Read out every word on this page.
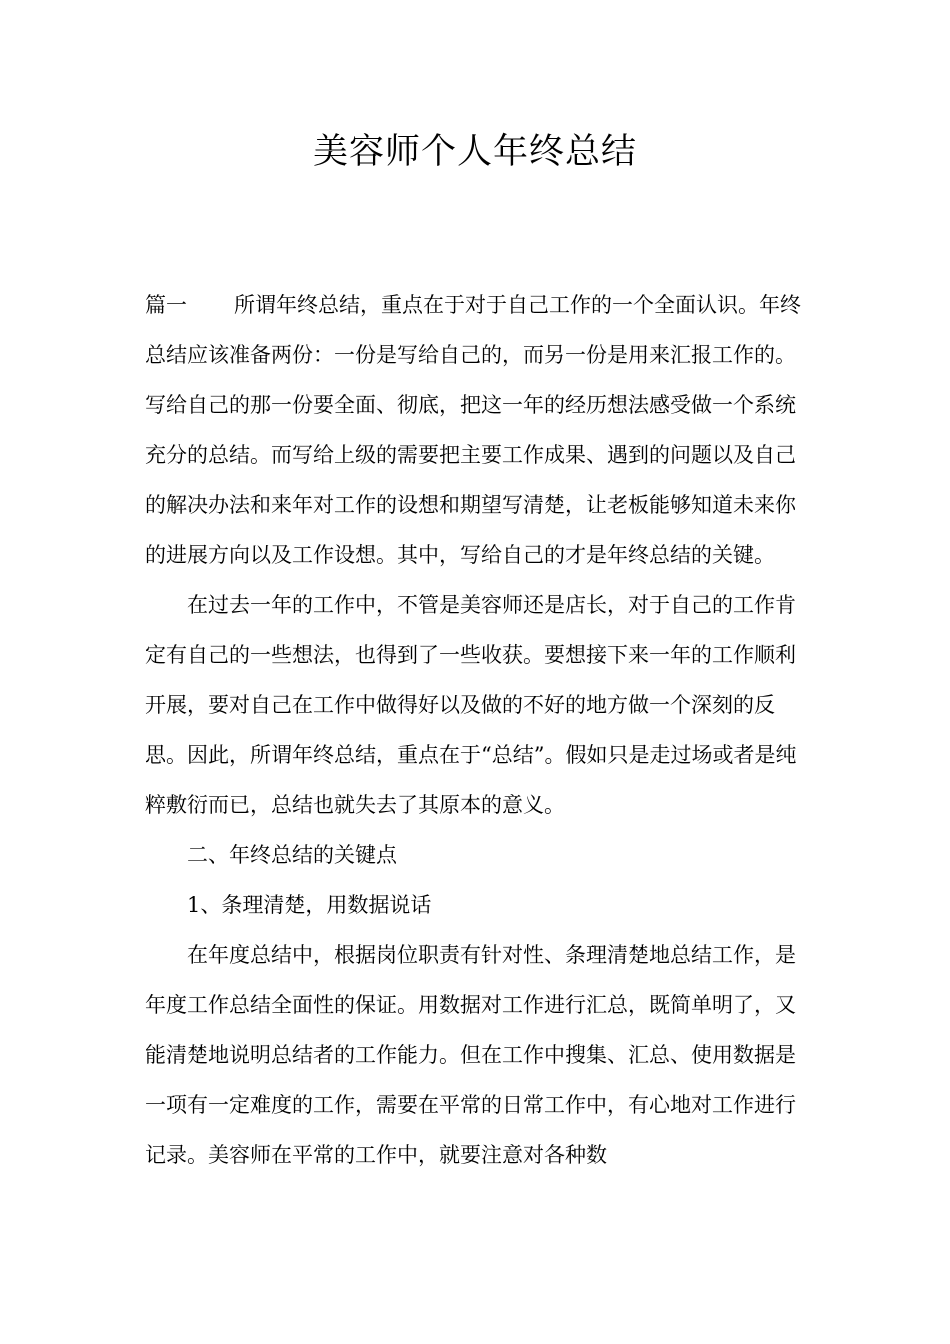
美容师个人年终总结

篇一 所谓年终总结，重点在于对于自己工作的一个全面认识。年终总结应该准备两份：一份是写给自己的，而另一份是用来汇报工作的。写给自己的那一份要全面、彻底，把这一年的经历想法感受做一个系统充分的总结。而写给上级的需要把主要工作成果、遇到的问题以及自己的解决办法和来年对工作的设想和期望写清楚，让老板能够知道未来你的进展方向以及工作设想。其中，写给自己的才是年终总结的关键。

在过去一年的工作中，不管是美容师还是店长，对于自己的工作肯定有自己的一些想法，也得到了一些收获。要想接下来一年的工作顺利开展，要对自己在工作中做得好以及做的不好的地方做一个深刻的反思。因此，所谓年终总结，重点在于“总结”。假如只是走过场或者是纯粹敷衍而已，总结也就失去了其原本的意义。

二、年终总结的关键点

1、条理清楚，用数据说话

在年度总结中，根据岗位职责有针对性、条理清楚地总结工作，是年度工作总结全面性的保证。用数据对工作进行汇总，既简单明了，又能清楚地说明总结者的工作能力。但在工作中搜集、汇总、使用数据是一项有一定难度的工作，需要在平常的日常工作中，有心地对工作进行记录。美容师在平常的工作中，就要注意对各种数
